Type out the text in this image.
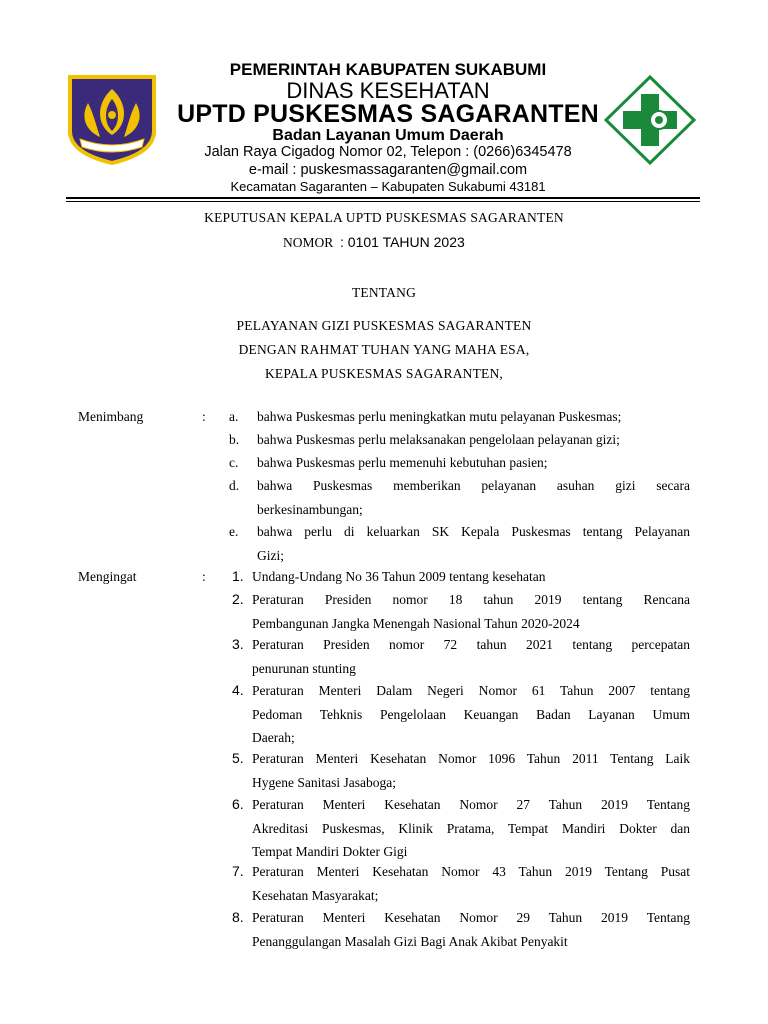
PEMERINTAH KABUPATEN SUKABUMI
DINAS KESEHATAN
UPTD PUSKESMAS SAGARANTEN
Badan Layanan Umum Daerah
Jalan Raya Cigadog Nomor 02, Telepon : (0266)6345478
e-mail : puskesmassagaranten@gmail.com
Kecamatan Sagaranten – Kabupaten Sukabumi 43181
KEPUTUSAN KEPALA UPTD PUSKESMAS SAGARANTEN
NOMOR : 0101 TAHUN 2023
TENTANG
PELAYANAN GIZI PUSKESMAS SAGARANTEN
DENGAN RAHMAT TUHAN YANG MAHA ESA,
KEPALA PUSKESMAS SAGARANTEN,
Menimbang	: a. bahwa Puskesmas perlu meningkatkan mutu pelayanan Puskesmas;
b. bahwa Puskesmas perlu melaksanakan pengelolaan pelayanan gizi;
c. bahwa Puskesmas perlu memenuhi kebutuhan pasien;
d. bahwa Puskesmas memberikan pelayanan asuhan gizi secara
berkesinambungan;
e. bahwa perlu di keluarkan SK Kepala Puskesmas tentang Pelayanan
Gizi;
Mengingat	: 1. Undang-Undang No 36 Tahun 2009 tentang kesehatan
2. Peraturan Presiden nomor 18 tahun 2019 tentang Rencana
Pembangunan Jangka Menengah Nasional Tahun 2020-2024
3. Peraturan Presiden nomor 72 tahun 2021 tentang percepatan
penurunan stunting
4. Peraturan Menteri Dalam Negeri Nomor 61 Tahun 2007 tentang
Pedoman Tehknis Pengelolaan Keuangan Badan Layanan Umum
Daerah;
5. Peraturan Menteri Kesehatan Nomor 1096 Tahun 2011 Tentang Laik
Hygene Sanitasi Jasaboga;
6. Peraturan Menteri Kesehatan Nomor 27 Tahun 2019 Tentang
Akreditasi Puskesmas, Klinik Pratama, Tempat Mandiri Dokter dan
Tempat Mandiri Dokter Gigi
7. Peraturan Menteri Kesehatan Nomor 43 Tahun 2019 Tentang Pusat
Kesehatan Masyarakat;
8. Peraturan Menteri Kesehatan Nomor 29 Tahun 2019 Tentang
Penanggulangan Masalah Gizi Bagi Anak Akibat Penyakit
